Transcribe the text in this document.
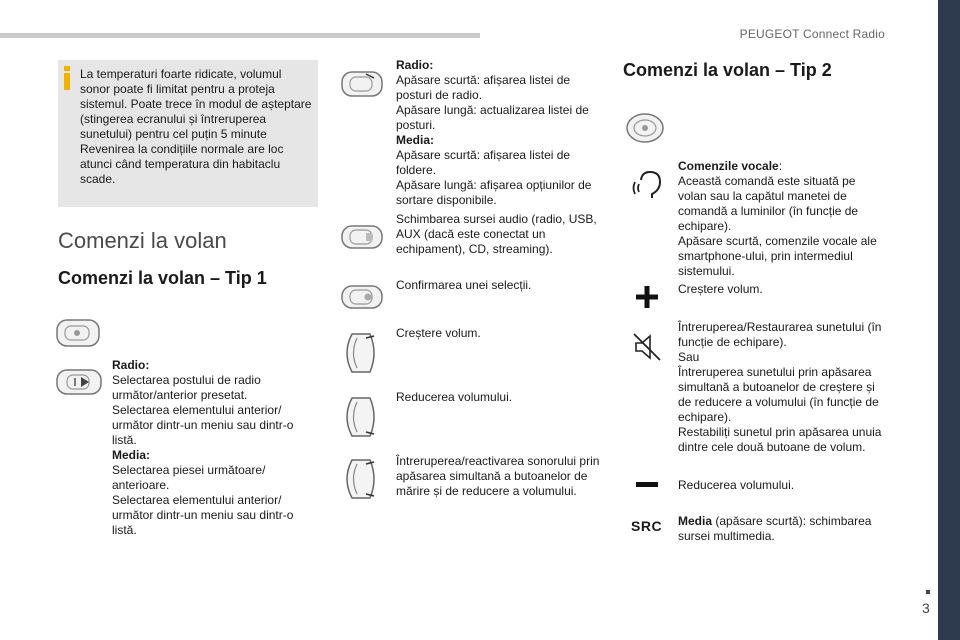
PEUGEOT Connect Radio
3
La temperaturi foarte ridicate, volumul sonor poate fi limitat pentru a proteja sistemul. Poate trece în modul de așteptare (stingerea ecranului și întreruperea sunetului) pentru cel puțin 5 minute
Revenirea la condițiile normale are loc atunci când temperatura din habitaclu scade.
Comenzi la volan
Comenzi la volan – Tip 1
Comenzi la volan – Tip 2
Radio:
Selectarea postului de radio următor/anterior presetat.
Selectarea elementului anterior/ următor dintr-un meniu sau dintr-o listă.
Media:
Selectarea piesei următoare/ anterioare.
Selectarea elementului anterior/ următor dintr-un meniu sau dintr-o listă.
Radio:
Apăsare scurtă: afișarea listei de posturi de radio.
Apăsare lungă: actualizarea listei de posturi.
Media:
Apăsare scurtă: afișarea listei de foldere.
Apăsare lungă: afișarea opțiunilor de sortare disponibile.
Schimbarea sursei audio (radio, USB, AUX (dacă este conectat un echipament), CD, streaming).
Confirmarea unei selecții.
Creștere volum.
Reducerea volumului.
Întreruperea/reactivarea sonorului prin apăsarea simultană a butoanelor de mărire și de reducere a volumului.
Comenzile vocale:
Această comandă este situată pe volan sau la capătul manetei de comandă a luminilor (în funcție de echipare).
Apăsare scurtă, comenzile vocale ale smartphone-ului, prin intermediul sistemului.
Creștere volum.
Întreruperea/Restaurarea sunetului (în funcție de echipare).
Sau
Întreruperea sunetului prin apăsarea simultană a butoanelor de creștere și de reducere a volumului (în funcție de echipare).
Restabiliți sunetul prin apăsarea unuia dintre cele două butoane de volum.
Reducerea volumului.
SRC Media (apăsare scurtă): schimbarea sursei multimedia.
